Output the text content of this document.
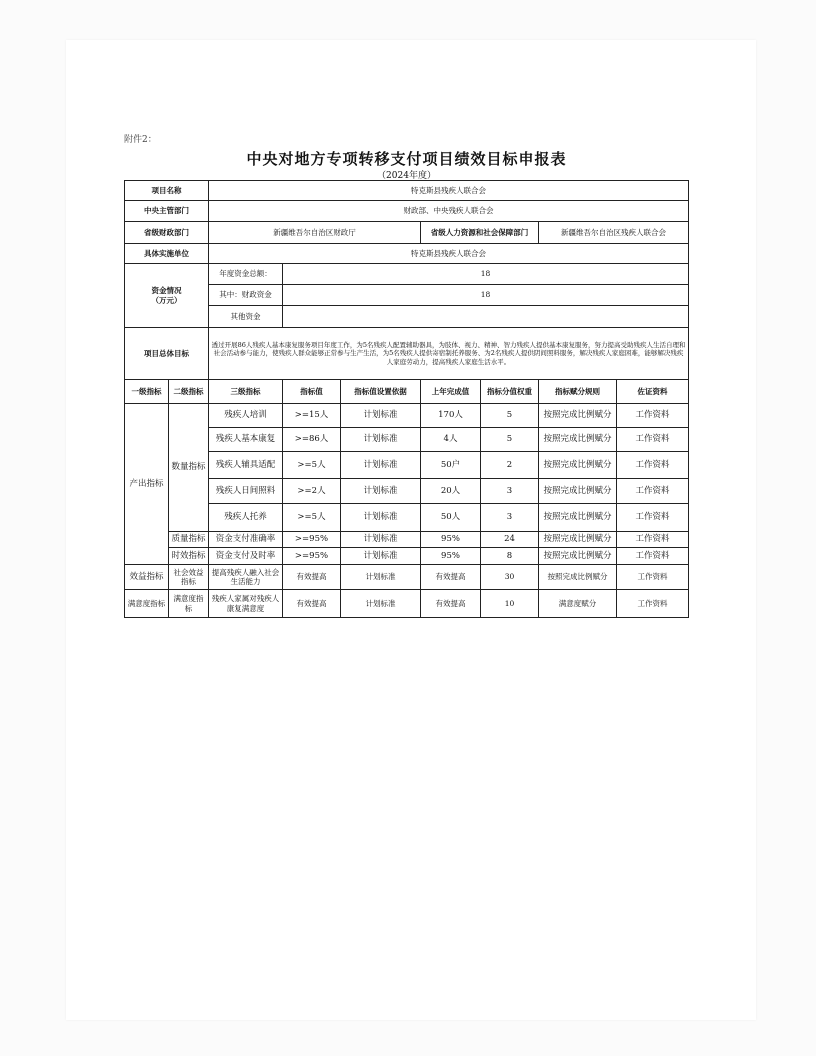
附件2：
中央对地方专项转移支付项目绩效目标申报表
（2024年度）
项目名称		特克斯县残疾人联合会						
中央主管部门		财政部、中央残疾人联合会						
省级财政部门		新疆维吾尔自治区财政厅			省级人力资源和社会保障部门		新疆维吾尔自治区残疾人联合会	
具体实施单位		特克斯县残疾人联合会						

资金情况
（万元）		年度资金总额：	18					
		其中：财政资金	18					
		其他资金						
项目总体目标		透过开展86人残疾人基本康复服务项目年度工作，为5名残疾人配置辅助器具，为肢体、视力、精神、智力残疾人提供基本康复服务，努力提高受助残疾人生活自理和社会活动参与能力，使残疾人群众能够正常参与生产生活，为5名残疾人提供寄宿制托养服务、为2名残疾人提供阴间照料服务，解决残疾人家庭困难，能够解决残疾人家庭劳动力，提高残疾人家庭生活水平。						
一级指标	二级指标	三级指标	指标值	指标值设置依据	上年完成值	指标分值权重	指标赋分规则	佐证资料
产出指标	数量指标	残疾人培训	>=15人	计划标准	170人	5	按照完成比例赋分	工作资料
		残疾人基本康复	>=86人	计划标准	4人	5	按照完成比例赋分	工作资料
		残疾人辅具适配	>=5人	计划标准	50户	2	按照完成比例赋分	工作资料
		残疾人日间照料	>=2人	计划标准	20人	3	按照完成比例赋分	工作资料
		残疾人托养	>=5人	计划标准	50人	3	按照完成比例赋分	工作资料
	质量指标	资金支付准确率	>=95%	计划标准	95%	24	按照完成比例赋分	工作资料
	时效指标	资金支付及时率	>=95%	计划标准	95%	8	按照完成比例赋分	工作资料
效益指标	社会效益指标	提高残疾人融入社会生活能力	有效提高	计划标准	有效提高	30	按照完成比例赋分	工作资料
满意度指标	满意度指标	残疾人家属对残疾人康复满意度	有效提高	计划标准	有效提高	10	满意度赋分	工作资料
